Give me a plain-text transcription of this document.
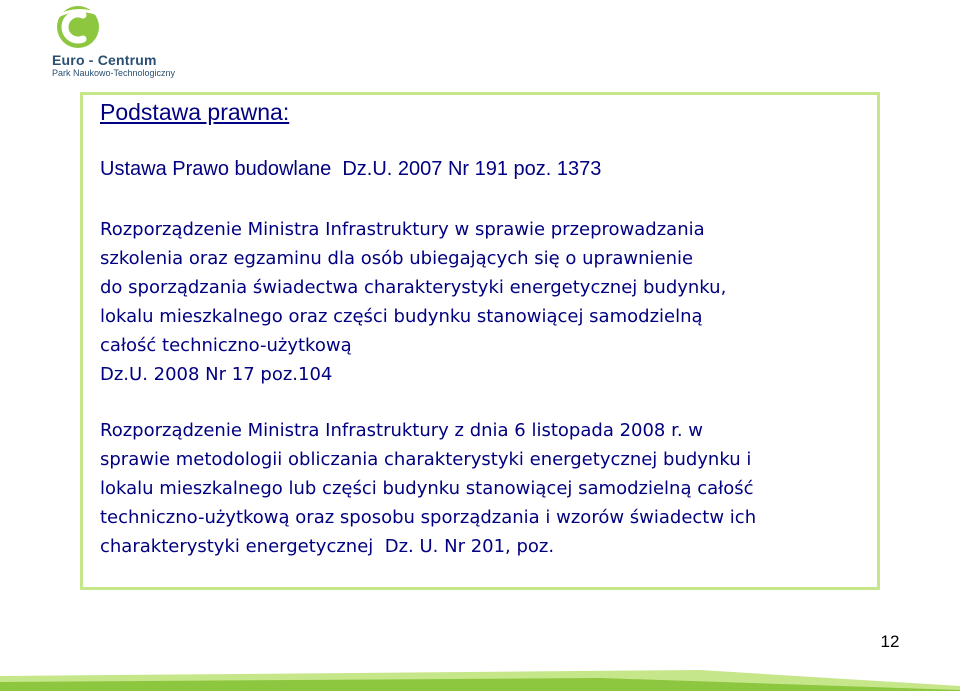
Euro - Centrum
Park Naukowo-Technologiczny
Podstawa prawna:
Ustawa Prawo budowlane  Dz.U. 2007 Nr 191 poz. 1373

Rozporządzenie Ministra Infrastruktury w sprawie przeprowadzania
szkolenia oraz egzaminu dla osób ubiegających się o uprawnienie
do sporządzania świadectwa charakterystyki energetycznej budynku,
lokalu mieszkalnego oraz części budynku stanowiącej samodzielną
całość techniczno-użytkową
Dz.U. 2008 Nr 17 poz.104

Rozporządzenie Ministra Infrastruktury z dnia 6 listopada 2008 r. w
sprawie metodologii obliczania charakterystyki energetycznej budynku i
lokalu mieszkalnego lub części budynku stanowiącej samodzielną całość
techniczno-użytkową oraz sposobu sporządzania i wzorów świadectw ich
charakterystyki energetycznej  Dz. U. Nr 201, poz.

12
